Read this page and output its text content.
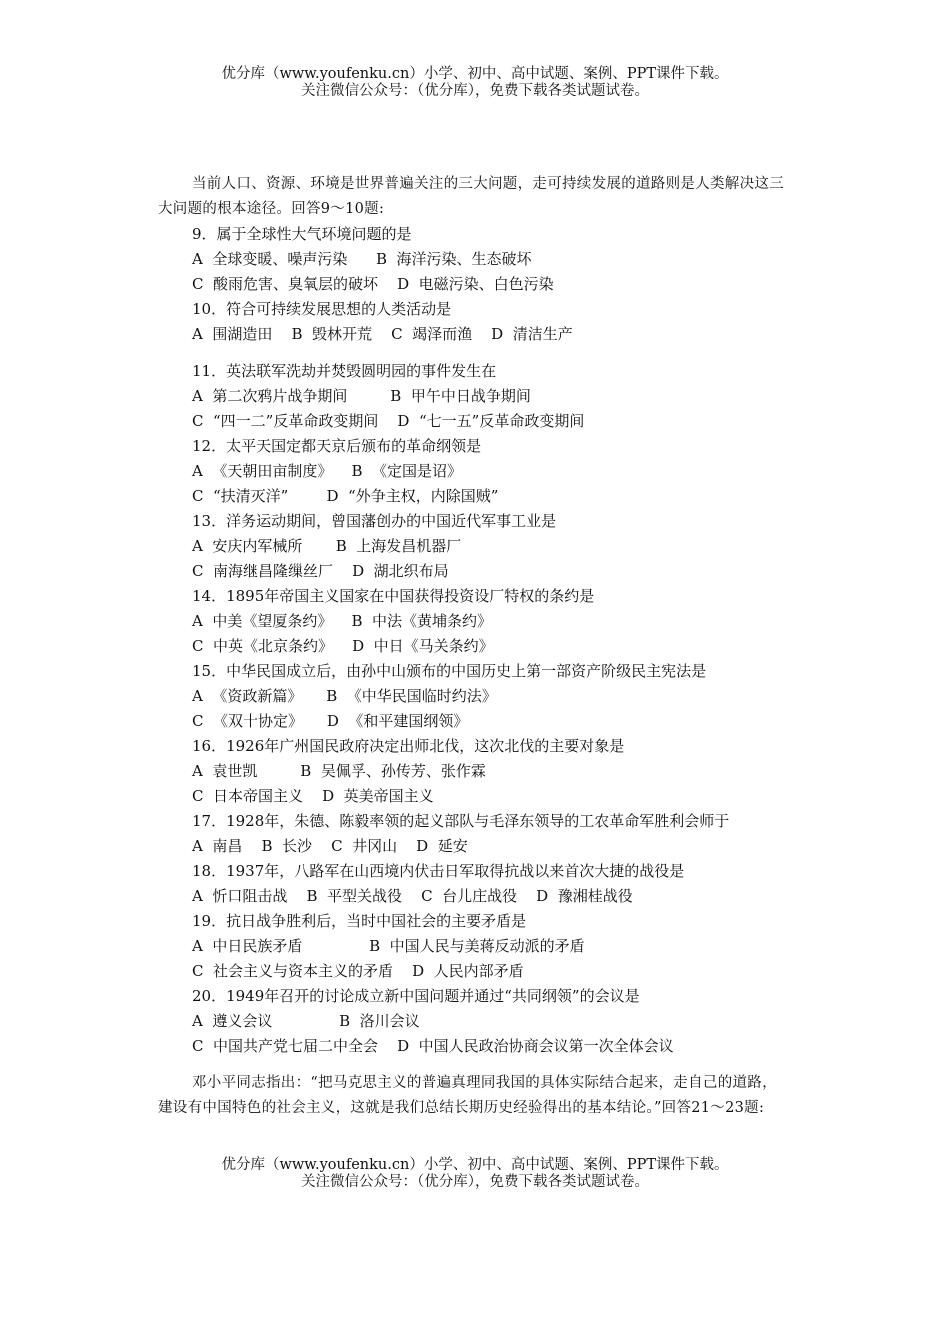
优分库（www.youfenku.cn）小学、初中、高中试题、案例、PPT课件下载。
关注微信公众号：（优分库），免费下载各类试题试卷。

当前人口、资源、环境是世界普遍关注的三大问题，走可持续发展的道路则是人类解决这三大问题的根本途径。回答9～10题:

9．属于全球性大气环境问题的是
A  全球变暖、噪声污染      B  海洋污染、生态破坏
C  酸雨危害、臭氧层的破坏    D  电磁污染、白色污染
10．符合可持续发展思想的人类活动是
A  围湖造田    B  毁林开荒    C  竭泽而渔    D  清洁生产
11．英法联军洗劫并焚毁圆明园的事件发生在
A  第二次鸦片战争期间         B  甲午中日战争期间
C  “四一二”反革命政变期间    D  “七一五”反革命政变期间
12．太平天国定都天京后颁布的革命纲领是
A  《天朝田亩制度》    B  《定国是诏》
C  “扶清灭洋”        D  “外争主权，内除国贼”
13．洋务运动期间，曾国藩创办的中国近代军事工业是
A  安庆内军械所       B  上海发昌机器厂
C  南海继昌隆缫丝厂    D  湖北织布局
14．1895年帝国主义国家在中国获得投资设厂特权的条约是
A  中美《望厦条约》    B  中法《黄埔条约》
C  中英《北京条约》    D  中日《马关条约》
15．中华民国成立后，由孙中山颁布的中国历史上第一部资产阶级民主宪法是
A  《资政新篇》     B  《中华民国临时约法》
C  《双十协定》     D  《和平建国纲领》
16．1926年广州国民政府决定出师北伐，这次北伐的主要对象是
A  袁世凯         B  吴佩孚、孙传芳、张作霖
C  日本帝国主义    D  英美帝国主义
17．1928年，朱德、陈毅率领的起义部队与毛泽东领导的工农革命军胜利会师于
A  南昌    B  长沙    C  井冈山    D  延安
18．1937年，八路军在山西境内伏击日军取得抗战以来首次大捷的战役是
A  忻口阻击战    B  平型关战役    C  台儿庄战役    D  豫湘桂战役
19．抗日战争胜利后，当时中国社会的主要矛盾是
A  中日民族矛盾              B  中国人民与美蒋反动派的矛盾
C  社会主义与资本主义的矛盾    D  人民内部矛盾
20．1949年召开的讨论成立新中国问题并通过“共同纲领”的会议是
A  遵义会议              B  洛川会议
C  中国共产党七届二中全会    D  中国人民政治协商会议第一次全体会议

邓小平同志指出：“把马克思主义的普遍真理同我国的具体实际结合起来，走自己的道路，建设有中国特色的社会主义，这就是我们总结长期历史经验得出的基本结论。”回答21～23题:

优分库（www.youfenku.cn）小学、初中、高中试题、案例、PPT课件下载。
关注微信公众号：（优分库），免费下载各类试题试卷。
